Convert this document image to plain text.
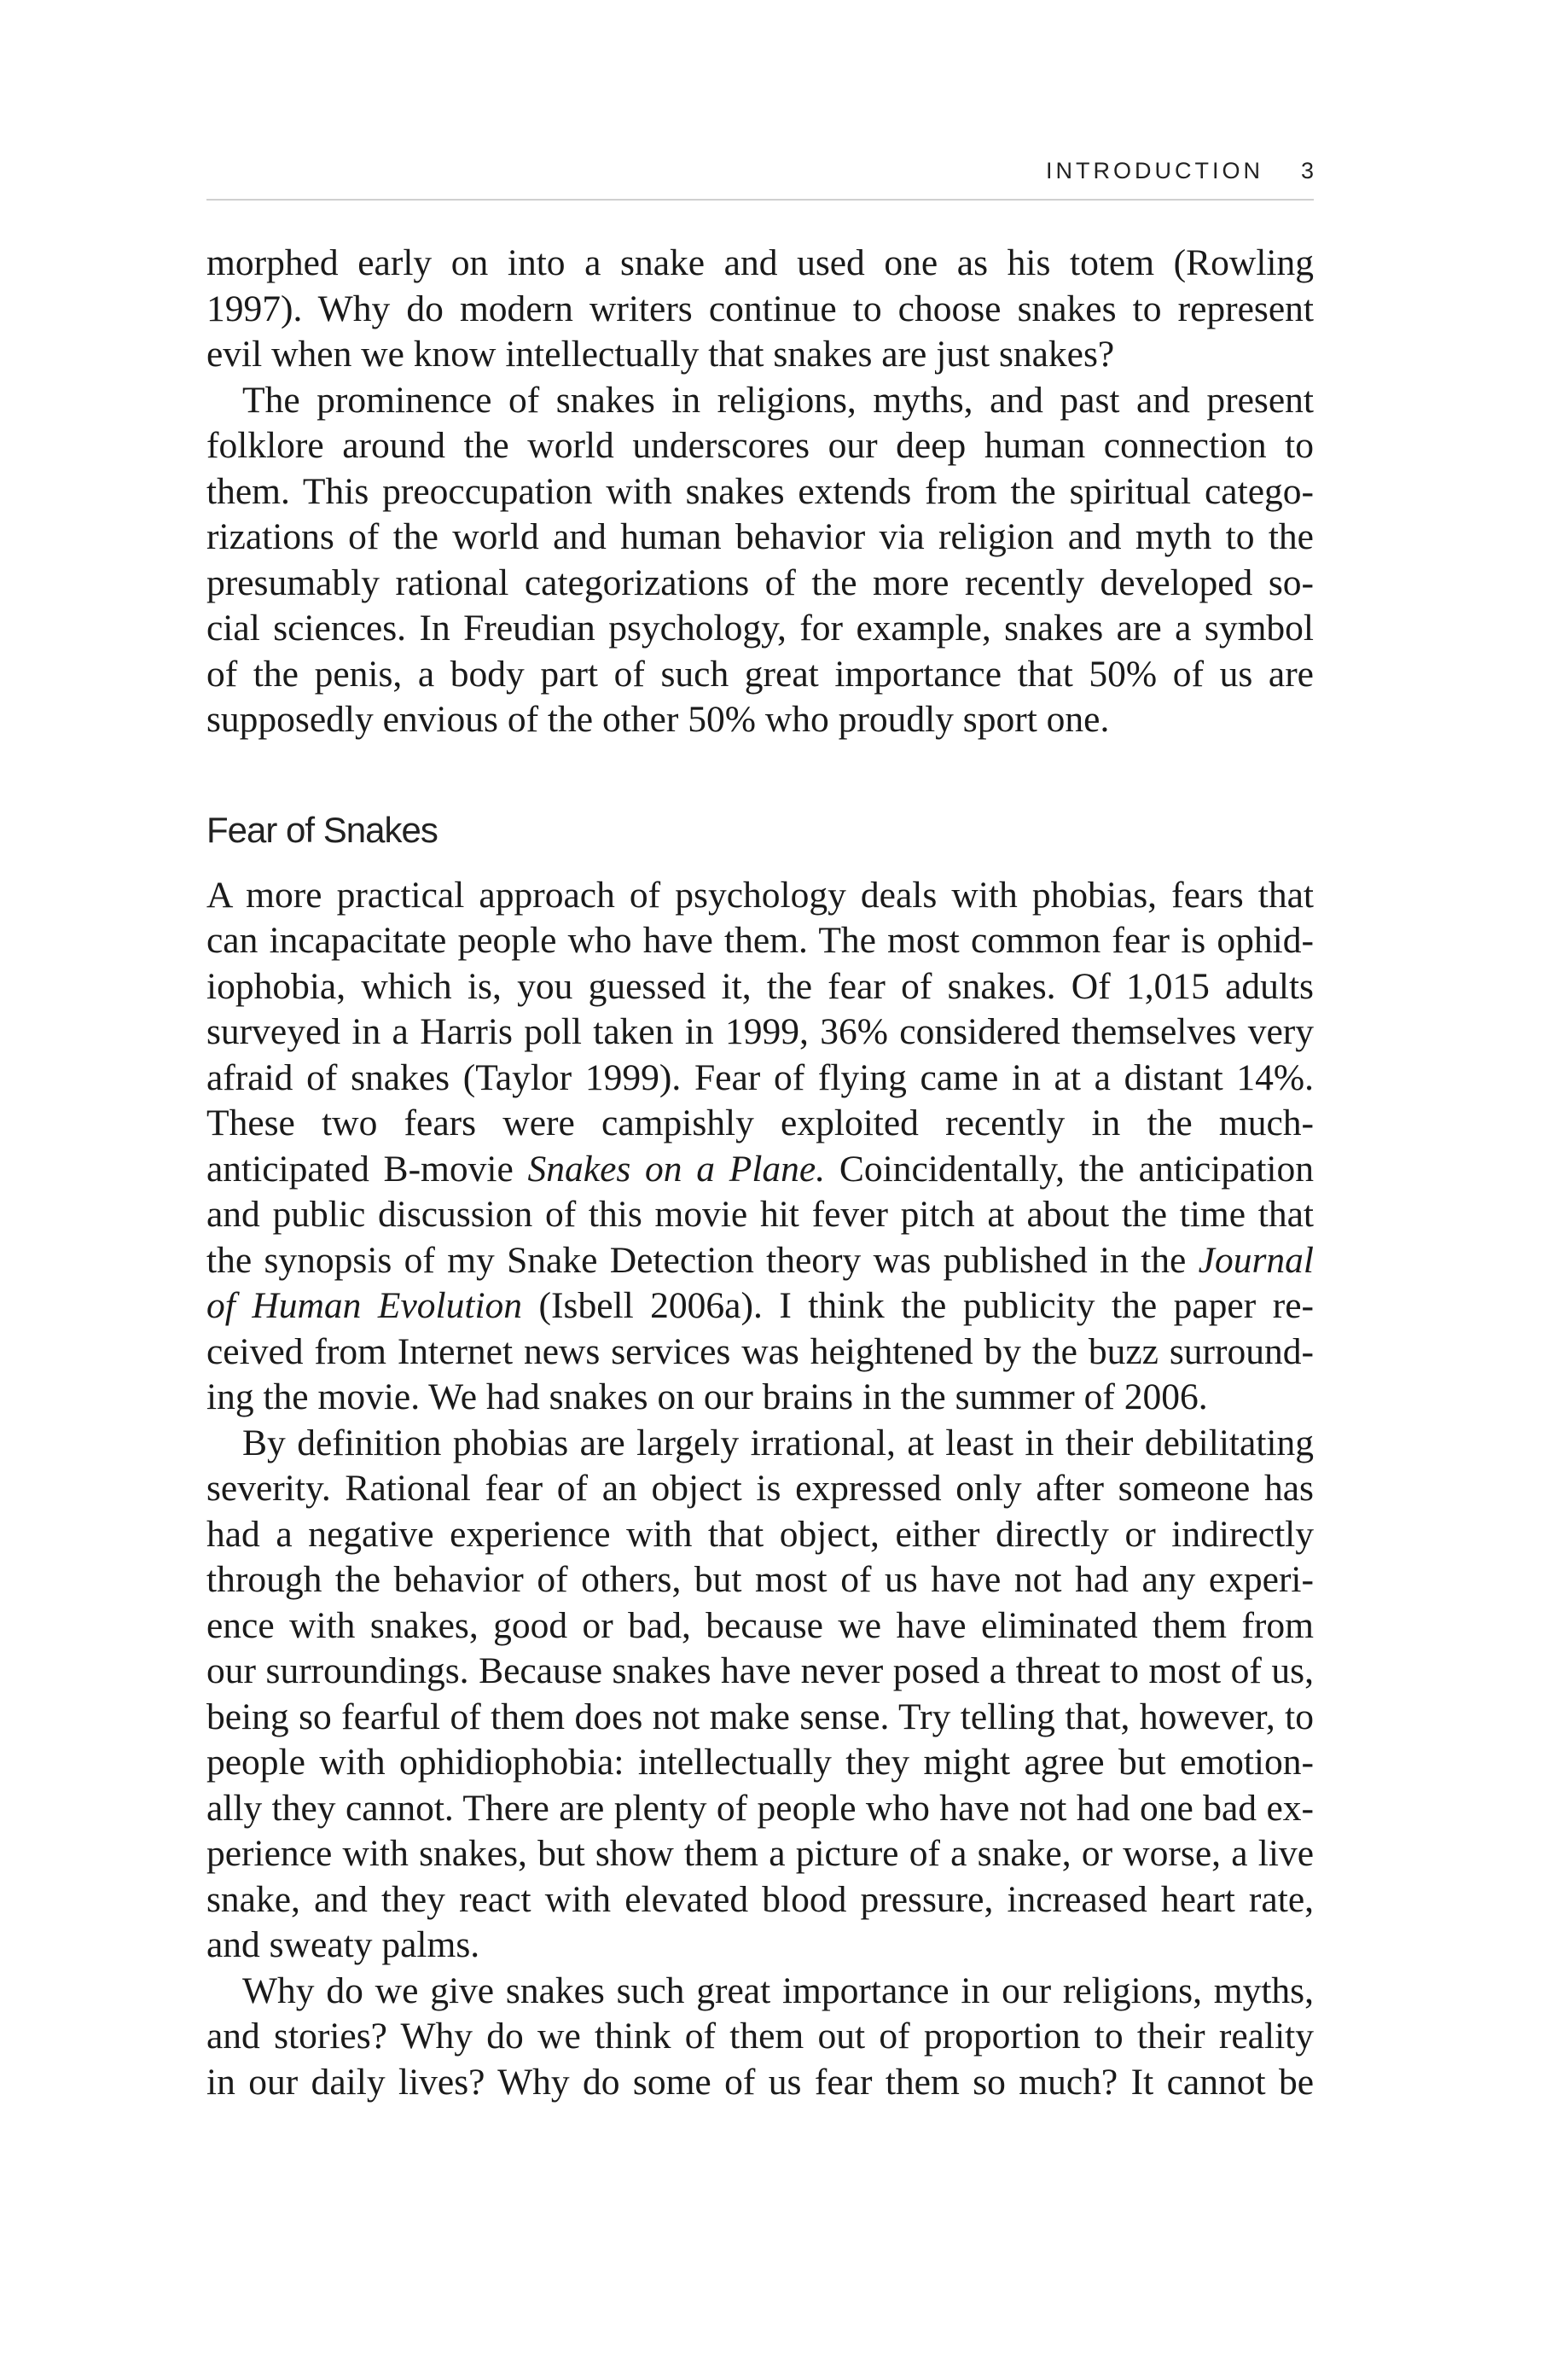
INTRODUCTION 3
morphed early on into a snake and used one as his totem (Rowling
1997). Why do modern writers continue to choose snakes to represent
evil when we know intellectually that snakes are just snakes?
The prominence of snakes in religions, myths, and past and present
folklore around the world underscores our deep human connection to
them. This preoccupation with snakes extends from the spiritual catego-
rizations of the world and human behavior via religion and myth to the
presumably rational categorizations of the more recently developed so-
cial sciences. In Freudian psychology, for example, snakes are a symbol
of the penis, a body part of such great importance that 50% of us are
supposedly envious of the other 50% who proudly sport one.
Fear of Snakes
A more practical approach of psychology deals with phobias, fears that
can incapacitate people who have them. The most common fear is ophid-
iophobia, which is, you guessed it, the fear of snakes. Of 1,015 adults
surveyed in a Harris poll taken in 1999, 36% considered themselves very
afraid of snakes (Taylor 1999). Fear of flying came in at a distant 14%.
These two fears were campishly exploited recently in the much-
anticipated B-movie Snakes on a Plane. Coincidentally, the anticipation
and public discussion of this movie hit fever pitch at about the time that
the synopsis of my Snake Detection theory was published in the Journal
of Human Evolution (Isbell 2006a). I think the publicity the paper re-
ceived from Internet news services was heightened by the buzz surround-
ing the movie. We had snakes on our brains in the summer of 2006.
By definition phobias are largely irrational, at least in their debilitating
severity. Rational fear of an object is expressed only after someone has
had a negative experience with that object, either directly or indirectly
through the behavior of others, but most of us have not had any experi-
ence with snakes, good or bad, because we have eliminated them from
our surroundings. Because snakes have never posed a threat to most of us,
being so fearful of them does not make sense. Try telling that, however, to
people with ophidiophobia: intellectually they might agree but emotion-
ally they cannot. There are plenty of people who have not had one bad ex-
perience with snakes, but show them a picture of a snake, or worse, a live
snake, and they react with elevated blood pressure, increased heart rate,
and sweaty palms.
Why do we give snakes such great importance in our religions, myths,
and stories? Why do we think of them out of proportion to their reality
in our daily lives? Why do some of us fear them so much? It cannot be
